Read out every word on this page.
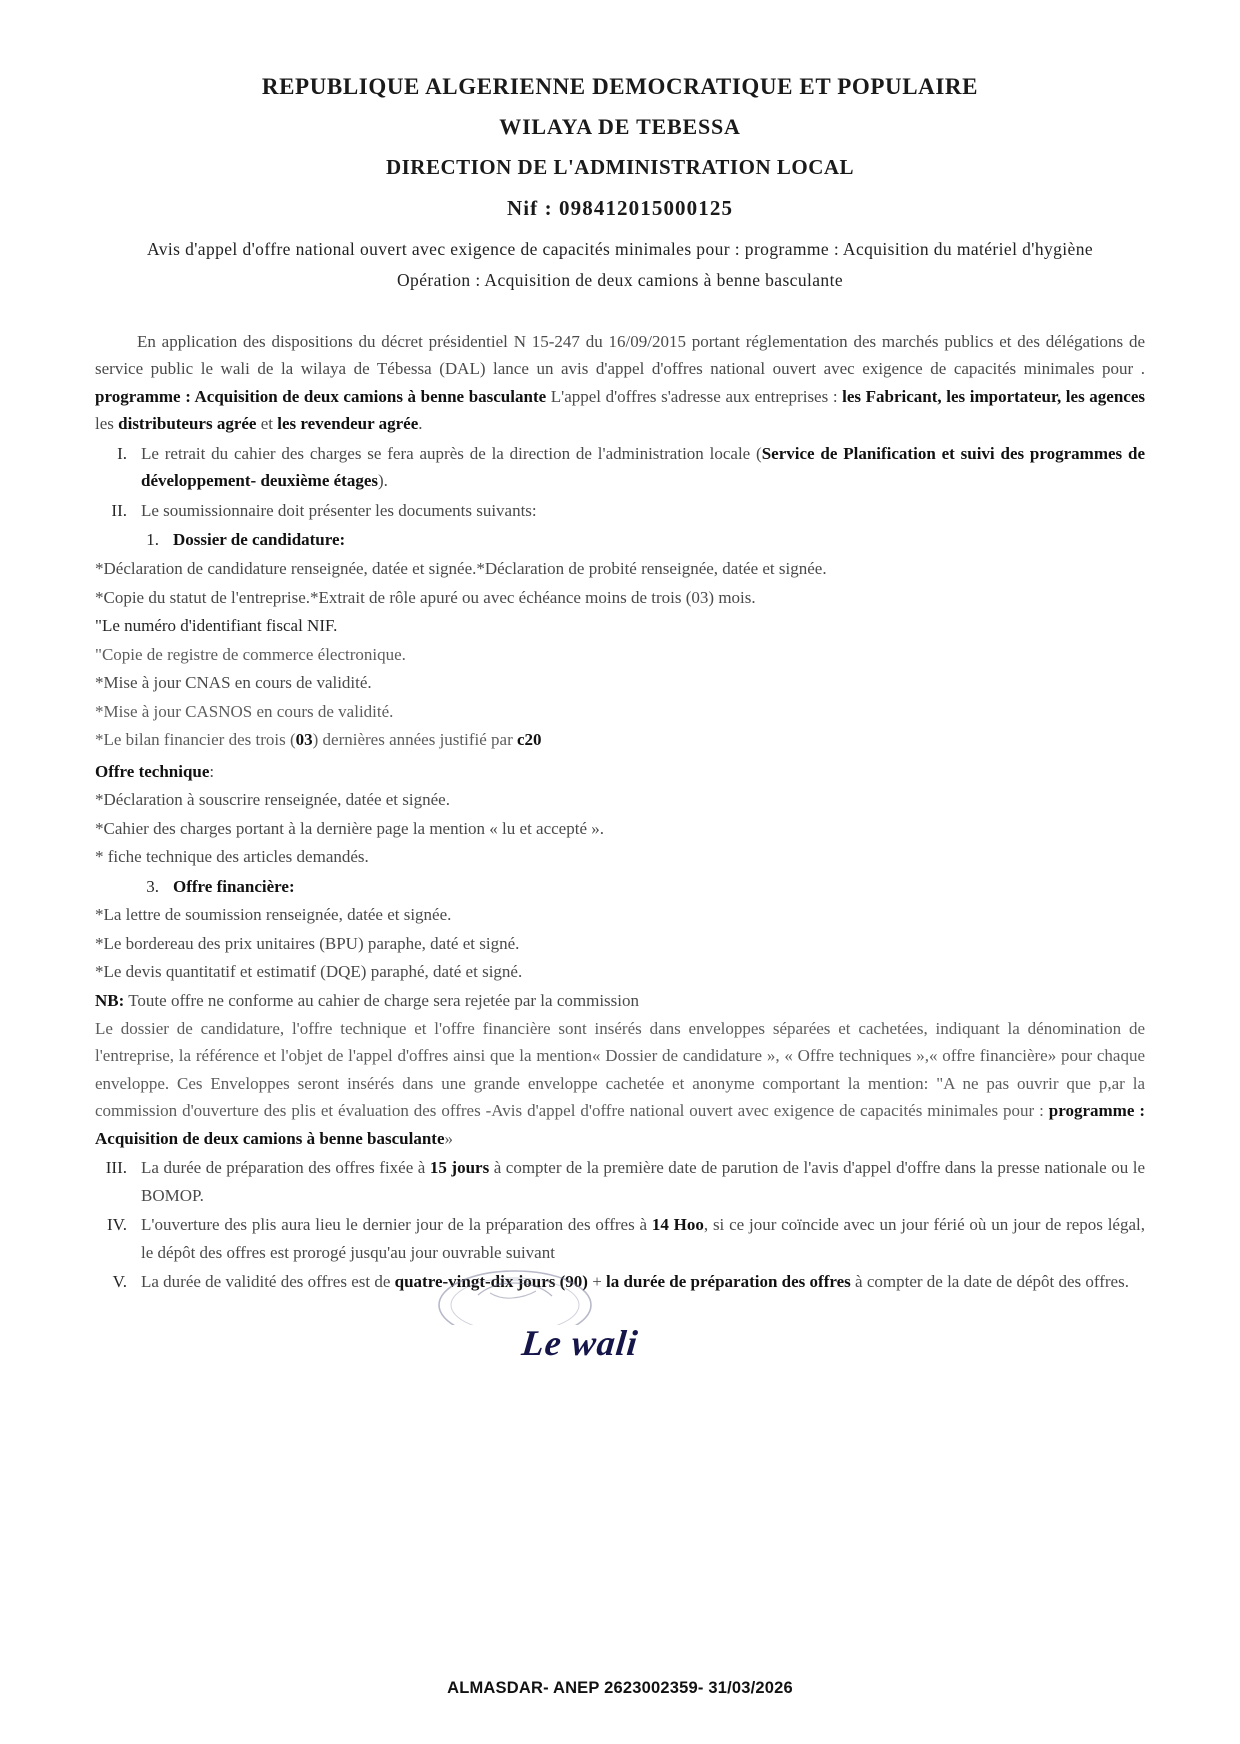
REPUBLIQUE ALGERIENNE DEMOCRATIQUE ET POPULAIRE
WILAYA DE TEBESSA
DIRECTION DE L'ADMINISTRATION LOCAL
Nif : 098412015000125
Avis d'appel d'offre national ouvert avec exigence de capacités minimales pour : programme : Acquisition du matériel d'hygiène
Opération : Acquisition de deux camions à benne basculante

En application des dispositions du décret présidentiel N 15-247 du 16/09/2015 portant réglementation des marchés publics et des délégations de service public le wali de la wilaya de Tébessa (DAL) lance un avis d'appel d'offres national ouvert avec exigence de capacités minimales pour . programme : Acquisition de deux camions à benne basculante L'appel d'offres s'adresse aux entreprises : les Fabricant, les importateur, les agences les distributeurs agrée et les revendeur agrée.

I. Le retrait du cahier des charges se fera auprès de la direction de l'administration locale (Service de Planification et suivi des programmes de développement- deuxième étages).
II. Le soumissionnaire doit présenter les documents suivants:
1. Dossier de candidature:
*Déclaration de candidature renseignée, datée et signée.*Déclaration de probité renseignée, datée et signée.
*Copie du statut de l'entreprise.*Extrait de rôle apuré ou avec échéance moins de trois (03) mois.
"Le numéro d'identifiant fiscal NIF.
"Copie de registre de commerce électronique.
*Mise à jour CNAS en cours de validité.
*Mise à jour CASNOS en cours de validité.
*Le bilan financier des trois (03) dernières années justifié par c20
Offre technique:
*Déclaration à souscrire renseignée, datée et signée.
*Cahier des charges portant à la dernière page la mention « lu et accepté ».
* fiche technique des articles demandés.
3. Offre financière:
*La lettre de soumission renseignée, datée et signée.
*Le bordereau des prix unitaires (BPU) paraphe, daté et signé.
*Le devis quantitatif et estimatif (DQE) paraphé, daté et signé.
NB: Toute offre ne conforme au cahier de charge sera rejetée par la commission

Le dossier de candidature, l'offre technique et l'offre financière sont insérés dans enveloppes séparées et cachetées, indiquant la dénomination de l'entreprise, la référence et l'objet de l'appel d'offres ainsi que la mention« Dossier de candidature », « Offre techniques »,« offre financière» pour chaque enveloppe. Ces Enveloppes seront insérés dans une grande enveloppe cachetée et anonyme comportant la mention: "A ne pas ouvrir que p,ar la commission d'ouverture des plis et évaluation des offres -Avis d'appel d'offre national ouvert avec exigence de capacités minimales pour : programme : Acquisition de deux camions à benne basculante»

III. La durée de préparation des offres fixée à 15 jours à compter de la première date de parution de l'avis d'appel d'offre dans la presse nationale ou le BOMOP.
IV. L'ouverture des plis aura lieu le dernier jour de la préparation des offres à 14 Hoo, si ce jour coïncide avec un jour férié où un jour de repos légal, le dépôt des offres est prorogé jusqu'au jour ouvrable suivant
V. La durée de validité des offres est de quatre-vingt-dix jours (90) + la durée de préparation des offres à compter de la date de dépôt des offres.
Le wali
ALMASDAR- ANEP 2623002359- 31/03/2026
